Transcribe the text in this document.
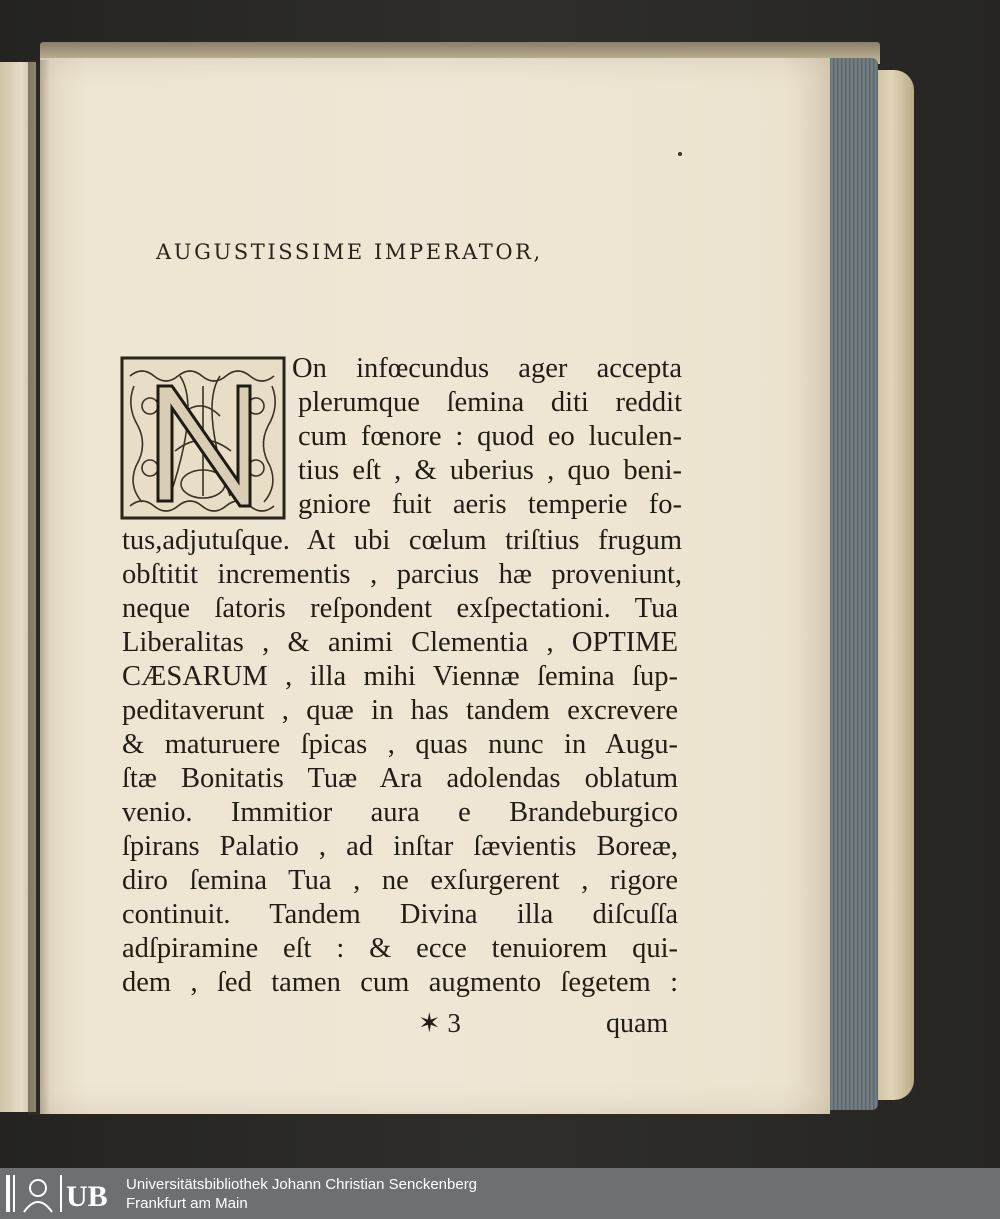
AUGUSTISSIME IMPERATOR,
On infœcundus ager accepta
plerumque ſemina diti reddit
cum fœnore : quod eo luculen-
tius eſt , & uberius , quo beni-
gniore fuit aeris temperie fo-
tus,adjutuſque. At ubi cœlum triſtius frugum
obſtitit incrementis , parcius hæ proveniunt,
neque ſatoris reſpondent exſpectationi. Tua
Liberalitas , & animi Clementia , OPTIME
CÆSARUM , illa mihi Viennæ ſemina ſup-
peditaverunt , quæ in has tandem excrevere
& maturuere ſpicas , quas nunc in Augu-
ſtæ Bonitatis Tuæ Ara adolendas oblatum
venio. Immitior aura e Brandeburgico
ſpirans Palatio , ad inſtar ſævientis Boreæ,
diro ſemina Tua , ne exſurgerent , rigore
continuit. Tandem Divina illa diſcuſſa
adſpiramine eſt : & ecce tenuiorem qui-
dem , ſed tamen cum augmento ſegetem :
✶ 3	quam
UB Universitätsbibliothek Johann Christian Senckenberg
Frankfurt am Main
